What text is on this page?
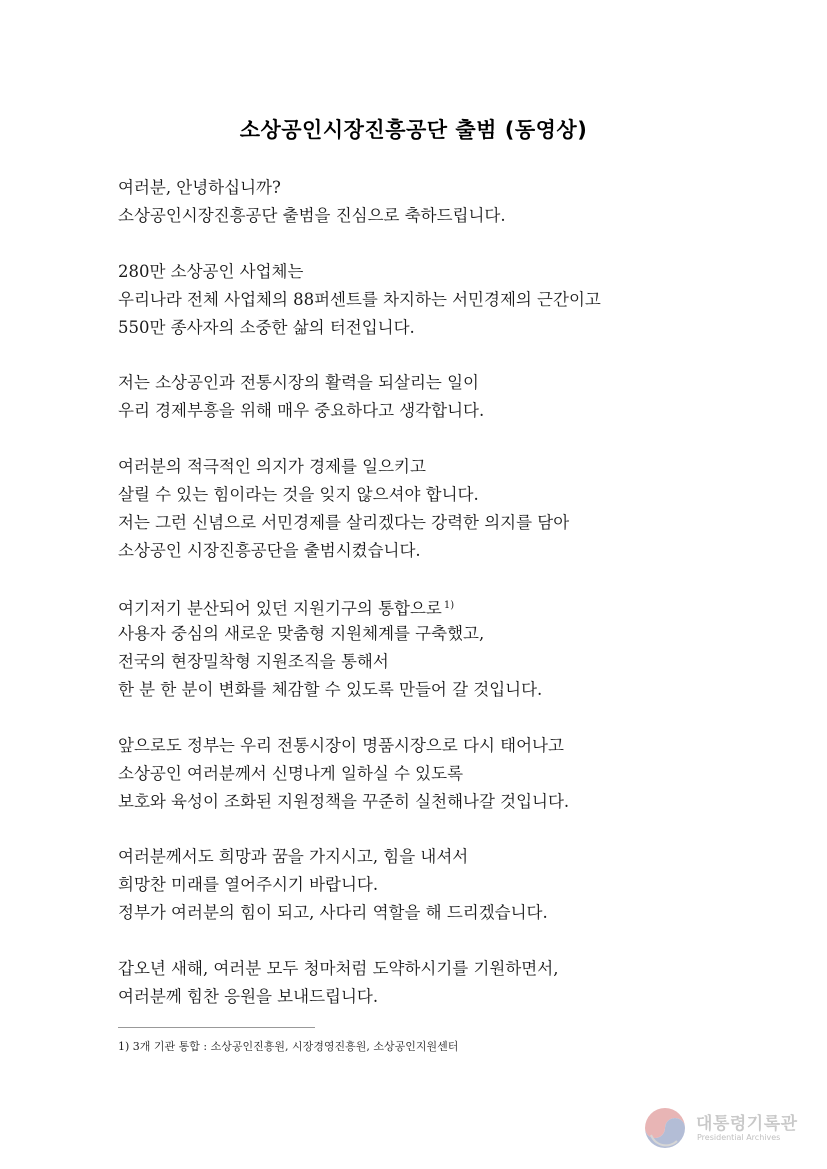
소상공인시장진흥공단 출범 (동영상)
여러분, 안녕하십니까?
소상공인시장진흥공단 출범을 진심으로 축하드립니다.
280만 소상공인 사업체는
우리나라 전체 사업체의 88퍼센트를 차지하는 서민경제의 근간이고
550만 종사자의 소중한 삶의 터전입니다.
저는 소상공인과 전통시장의 활력을 되살리는 일이
우리 경제부흥을 위해 매우 중요하다고 생각합니다.
여러분의 적극적인 의지가 경제를 일으키고
살릴 수 있는 힘이라는 것을 잊지 않으셔야 합니다.
저는 그런 신념으로 서민경제를 살리겠다는 강력한 의지를 담아
소상공인 시장진흥공단을 출범시켰습니다.
여기저기 분산되어 있던 지원기구의 통합으로 $^{1)}$
사용자 중심의 새로운 맞춤형 지원체계를 구축했고,
전국의 현장밀착형 지원조직을 통해서
한 분 한 분이 변화를 체감할 수 있도록 만들어 갈 것입니다.
앞으로도 정부는 우리 전통시장이 명품시장으로 다시 태어나고
소상공인 여러분께서 신명나게 일하실 수 있도록
보호와 육성이 조화된 지원정책을 꾸준히 실천해나갈 것입니다.
여러분께서도 희망과 꿈을 가지시고, 힘을 내셔서
희망찬 미래를 열어주시기 바랍니다.
정부가 여러분의 힘이 되고, 사다리 역할을 해 드리겠습니다.
갑오년 새해, 여러분 모두 청마처럼 도약하시기를 기원하면서,
여러분께 힘찬 응원을 보내드립니다.
1) 3개 기관 통합 : 소상공인진흥원, 시장경영진흥원, 소상공인지원센터
대통령기록관
Presidential Archives
